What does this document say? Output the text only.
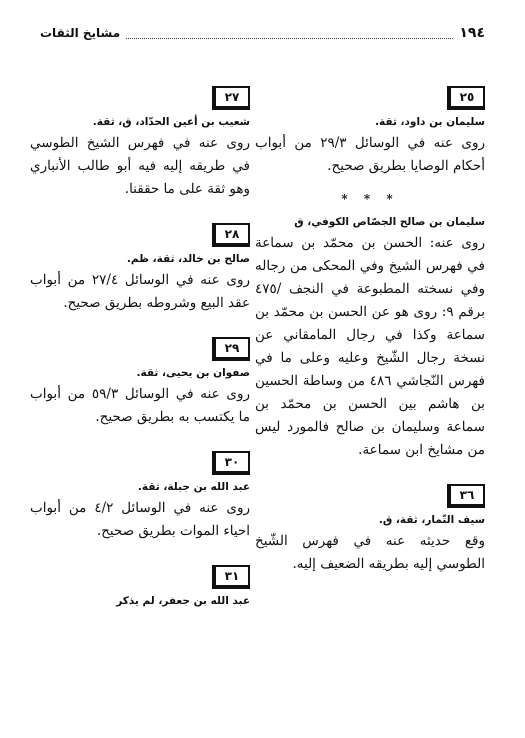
١٩٤
مشايخ الثقات
٢٥
سليمان بن داود، ثقة.
روى عنه في الوسائل ٢٩/٣ من أبواب أحكام الوصايا بطريق صحيح.
* * *
سليمان بن صالح الجصّاص الكوفي، ق
روى عنه: الحسن بن محمّد بن سماعة في فهرس الشيخ وفي المحكى من رجاله وفي نسخته المطبوعة في النجف /٤٧٥ برقم ٩: روى هو عن الحسن بن محمّد بن سماعة وكذا في رجال المامقاني عن نسخة رجال الشّيخ وعليه وعلى ما في فهرس النّجاشي ٤٨٦ من وساطة الحسين بن هاشم بين الحسن بن محمّد بن سماعة وسليمان بن صالح فالمورد ليس من مشايخ ابن سماعة.
٣٦
سيف التّمار، ثقة، ق.
وقع حديثه عنه في فهرس الشّيخ الطوسي إليه بطريقه الضعيف إليه.
٢٧
شعيب بن أعين الحدّاد، ق، ثقة.
روى عنه في فهرس الشيخ الطوسي في طريقه إليه فيه أبو طالب الأنباري وهو ثقة على ما حققنا.
٢٨
صالح بن خالد، ثقة، ظم.
روى عنه في الوسائل ٢٧/٤ من أبواب عقد البيع وشروطه بطريق صحيح.
٢٩
صفوان بن يحيى، ثقة.
روى عنه في الوسائل ٥٩/٣ من أبواب ما يكتسب به بطريق صحيح.
٣٠
عبد الله بن جبلة، ثقة.
روى عنه في الوسائل ٤/٢ من أبواب احياء الموات بطريق صحيح.
٣١
عبد الله بن جعفر، لم يذكر
